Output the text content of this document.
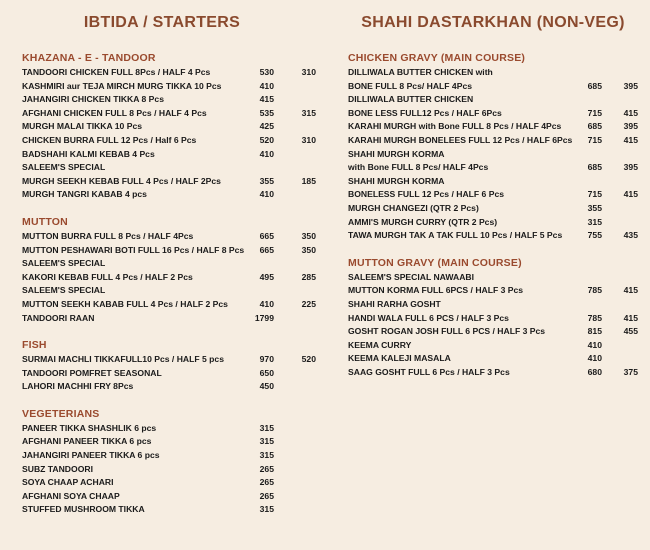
IBTIDA / STARTERS
KHAZANA - E - TANDOOR
TANDOORI CHICKEN FULL 8Pcs / HALF 4 Pcs	530	310
KASHMIRI aur TEJA MIRCH MURG TIKKA 10 Pcs	410
JAHANGIRI CHICKEN TIKKA 8 Pcs	415
AFGHANI CHICKEN FULL 8 Pcs / HALF 4 Pcs	535	315
MURGH MALAI TIKKA 10 Pcs	425
CHICKEN BURRA FULL 12 Pcs / Half 6 Pcs	520	310
BADSHAHI KALMI KEBAB 4 Pcs	410
SALEEM'S SPECIAL
MURGH SEEKH KEBAB FULL 4 Pcs / HALF 2Pcs	355	185
MURGH TANGRI KABAB 4 pcs	410
MUTTON
MUTTON BURRA FULL 8 Pcs / HALF 4Pcs	665	350
MUTTON PESHAWARI BOTI FULL 16 Pcs / HALF 8 Pcs	665	350
SALEEM'S SPECIAL
KAKORI KEBAB FULL 4 Pcs / HALF 2 Pcs	495	285
SALEEM'S SPECIAL
MUTTON SEEKH KABAB FULL 4 Pcs / HALF 2 Pcs	410	225
TANDOORI RAAN	1799
FISH
SURMAI MACHLI TIKKAFULL10 Pcs / HALF 5 pcs	970	520
TANDOORI POMFRET SEASONAL	650
LAHORI MACHHI FRY 8Pcs	450
VEGETERIANS
PANEER TIKKA SHASHLIK 6 pcs	315
AFGHANI PANEER TIKKA 6 pcs	315
JAHANGIRI PANEER TIKKA 6 pcs	315
SUBZ TANDOORI	265
SOYA CHAAP ACHARI	265
AFGHANI SOYA CHAAP	265
STUFFED MUSHROOM TIKKA	315
SHAHI DASTARKHAN (NON-VEG)
CHICKEN GRAVY (MAIN COURSE)
DILLIWALA BUTTER CHICKEN with
BONE FULL 8 Pcs/ HALF 4Pcs	685	395
DILLIWALA BUTTER CHICKEN
BONE LESS FULL12 Pcs / HALF 6Pcs	715	415
KARAHI MURGH with Bone FULL 8 Pcs / HALF 4Pcs	685	395
KARAHI MURGH BONELEES FULL 12 Pcs / HALF 6Pcs	715	415
SHAHI MURGH KORMA
with Bone FULL 8 Pcs/ HALF 4Pcs	685	395
SHAHI MURGH KORMA
BONELESS FULL 12 Pcs / HALF 6 Pcs	715	415
MURGH CHANGEZI (QTR 2 Pcs)	355
AMMI'S MURGH CURRY (QTR 2 Pcs)	315
TAWA MURGH TAK A TAK FULL 10 Pcs / HALF 5 Pcs	755	435
MUTTON GRAVY (MAIN COURSE)
SALEEM'S SPECIAL NAWAABI
MUTTON KORMA FULL 6PCS / HALF 3 Pcs	785	415
SHAHI RARHA GOSHT
HANDI WALA FULL 6 PCS / HALF 3 Pcs	785	415
GOSHT ROGAN JOSH FULL 6 PCS / HALF 3 Pcs	815	455
KEEMA CURRY	410
KEEMA KALEJI MASALA	410
SAAG GOSHT FULL 6 Pcs / HALF 3 Pcs	680	375
